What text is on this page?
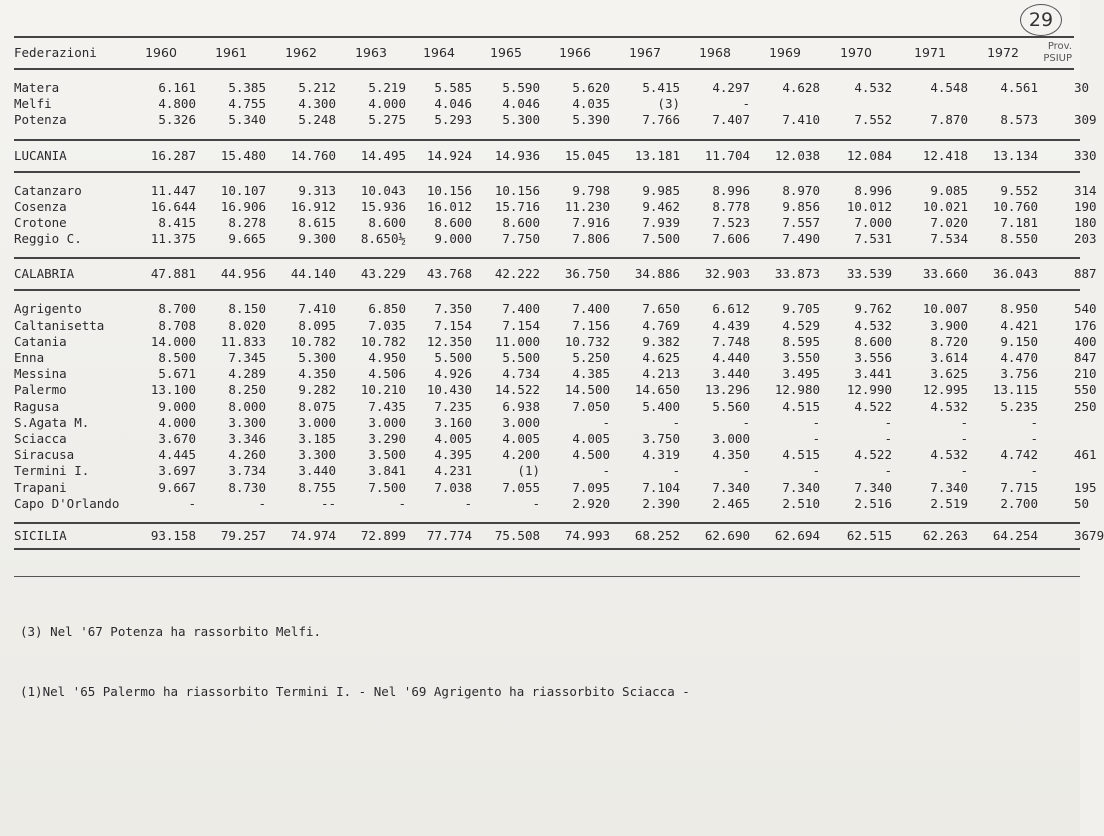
29
Federazioni	1960	1961	1962	1963	1964	1965	1966	1967	1968	1969	1970	1971	1972	Prov.
PSIUP	

Matera	6.161	5.385	5.212	5.219	5.585	5.590	5.620	5.415	4.297	4.628	4.532	4.548	4.561		30
Melfi	4.800	4.755	4.300	4.000	4.046	4.046	4.035	(3)	-						
Potenza	5.326	5.340	5.248	5.275	5.293	5.300	5.390	7.766	7.407	7.410	7.552	7.870	8.573		309

LUCANIA	16.287	15.480	14.760	14.495	14.924	14.936	15.045	13.181	11.704	12.038	12.084	12.418	13.134		330

Catanzaro	11.447	10.107	9.313	10.043	10.156	10.156	9.798	9.985	8.996	8.970	8.996	9.085	9.552		314
Cosenza	16.644	16.906	16.912	15.936	16.012	15.716	11.230	9.462	8.778	9.856	10.012	10.021	10.760		190
Crotone	8.415	8.278	8.615	8.600	8.600	8.600	7.916	7.939	7.523	7.557	7.000	7.020	7.181		180
Reggio C.	11.375	9.665	9.300	8.650½	9.000	7.750	7.806	7.500	7.606	7.490	7.531	7.534	8.550		203

CALABRIA	47.881	44.956	44.140	43.229	43.768	42.222	36.750	34.886	32.903	33.873	33.539	33.660	36.043		887

Agrigento	8.700	8.150	7.410	6.850	7.350	7.400	7.400	7.650	6.612	9.705	9.762	10.007	8.950		540
Caltanisetta	8.708	8.020	8.095	7.035	7.154	7.154	7.156	4.769	4.439	4.529	4.532	3.900	4.421		176
Catania	14.000	11.833	10.782	10.782	12.350	11.000	10.732	9.382	7.748	8.595	8.600	8.720	9.150		400
Enna	8.500	7.345	5.300	4.950	5.500	5.500	5.250	4.625	4.440	3.550	3.556	3.614	4.470		847
Messina	5.671	4.289	4.350	4.506	4.926	4.734	4.385	4.213	3.440	3.495	3.441	3.625	3.756		210
Palermo	13.100	8.250	9.282	10.210	10.430	14.522	14.500	14.650	13.296	12.980	12.990	12.995	13.115		550
Ragusa	9.000	8.000	8.075	7.435	7.235	6.938	7.050	5.400	5.560	4.515	4.522	4.532	5.235		250
S.Agata M.	4.000	3.300	3.000	3.000	3.160	3.000	-	-	-	-	-	-	-		
Sciacca	3.670	3.346	3.185	3.290	4.005	4.005	4.005	3.750	3.000	-	-	-	-		
Siracusa	4.445	4.260	3.300	3.500	4.395	4.200	4.500	4.319	4.350	4.515	4.522	4.532	4.742		461
Termini I.	3.697	3.734	3.440	3.841	4.231	(1)	-	-	-	-	-	-	-		
Trapani	9.667	8.730	8.755	7.500	7.038	7.055	7.095	7.104	7.340	7.340	7.340	7.340	7.715		195
Capo D'Orlando	-	-	--	-	-	-	2.920	2.390	2.465	2.510	2.516	2.519	2.700		50

SICILIA	93.158	79.257	74.974	72.899	77.774	75.508	74.993	68.252	62.690	62.694	62.515	62.263	64.254		3679

(3) Nel '67 Potenza ha rassorbito Melfi.

(1)Nel '65 Palermo ha riassorbito Termini I. - Nel '69 Agrigento ha riassorbito Sciacca -
